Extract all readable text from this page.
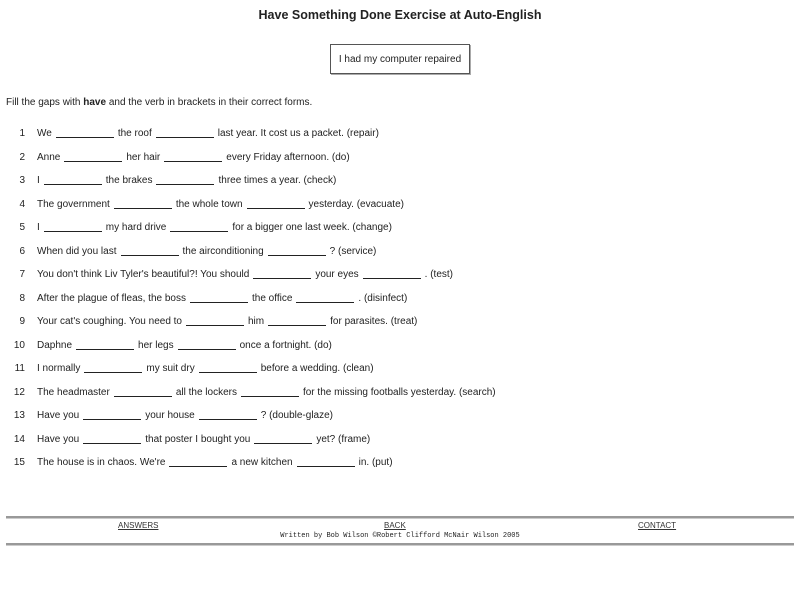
Have Something Done Exercise at Auto-English
I had my computer repaired
Fill the gaps with have and the verb in brackets in their correct forms.
1 We	the roof	last year. It cost us a packet. (repair)
2 Anne	her hair	every Friday afternoon. (do)
3 I	the brakes	three times a year. (check)
4 The government	the whole town	yesterday. (evacuate)
5 I	my hard drive	for a bigger one last week. (change)
6 When did you last	the airconditioning	? (service)
7 You don't think Liv Tyler's beautiful?! You should	your eyes	. (test)
8 After the plague of fleas, the boss	the office	. (disinfect)
9 Your cat's coughing. You need to	him	for parasites. (treat)
10 Daphne	her legs	once a fortnight. (do)
11 I normally	my suit dry	before a wedding. (clean)
12 The headmaster	all the lockers	for the missing footballs yesterday. (search)
13 Have you	your house	? (double-glaze)
14 Have you	that poster I bought you	yet? (frame)
15 The house is in chaos. We're	a new kitchen	in. (put)
ANSWERS	BACK	CONTACT
Written by Bob Wilson ©Robert Clifford McNair Wilson 2005
